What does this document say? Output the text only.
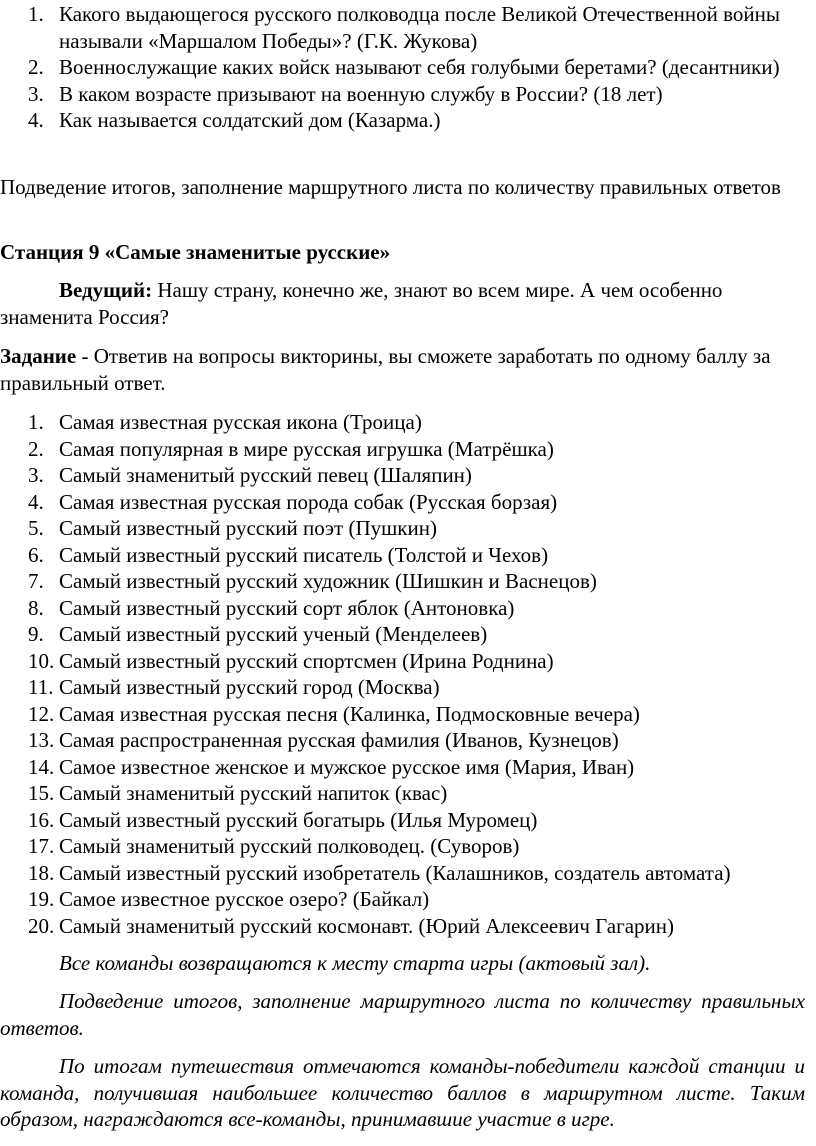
1. Какого выдающегося русского полководца после Великой Отечественной войны называли «Маршалом Победы»? (Г.К. Жукова)
2. Военнослужащие каких войск называют себя голубыми беретами? (десантники)
3. В каком возрасте призывают на военную службу в России? (18 лет)
4. Как называется солдатский дом (Казарма.)

Подведение итогов, заполнение маршрутного листа по количеству правильных ответов

Станция 9 «Самые знаменитые русские»

Ведущий: Нашу страну, конечно же, знают во всем мире. А чем особенно знаменита Россия?

Задание - Ответив на вопросы викторины, вы сможете заработать по одному баллу за правильный ответ.

1. Самая известная русская икона (Троица)
2. Самая популярная в мире русская игрушка (Матрёшка)
3. Самый знаменитый русский певец (Шаляпин)
4. Самая известная русская порода собак (Русская борзая)
5. Самый известный русский поэт (Пушкин)
6. Самый известный русский писатель (Толстой и Чехов)
7. Самый известный русский художник (Шишкин и Васнецов)
8. Самый известный русский сорт яблок (Антоновка)
9. Самый известный русский ученый (Менделеев)
10. Самый известный русский спортсмен (Ирина Роднина)
11. Самый известный русский город (Москва)
12. Самая известная русская песня (Калинка, Подмосковные вечера)
13. Самая распространенная русская фамилия (Иванов, Кузнецов)
14. Самое известное женское и мужское русское имя (Мария, Иван)
15. Самый знаменитый русский напиток (квас)
16. Самый известный русский богатырь (Илья Муромец)
17. Самый знаменитый русский полководец. (Суворов)
18. Самый известный русский изобретатель (Калашников, создатель автомата)
19. Самое известное русское озеро? (Байкал)
20. Самый знаменитый русский космонавт. (Юрий Алексеевич Гагарин)

Все команды возвращаются к месту старта игры (актовый зал).

Подведение итогов, заполнение маршрутного листа по количеству правильных ответов.

По итогам путешествия отмечаются команды-победители каждой станции и команда, получившая наибольшее количество баллов в маршрутном листе. Таким образом, награждаются все-команды, принимавшие участие в игре.
